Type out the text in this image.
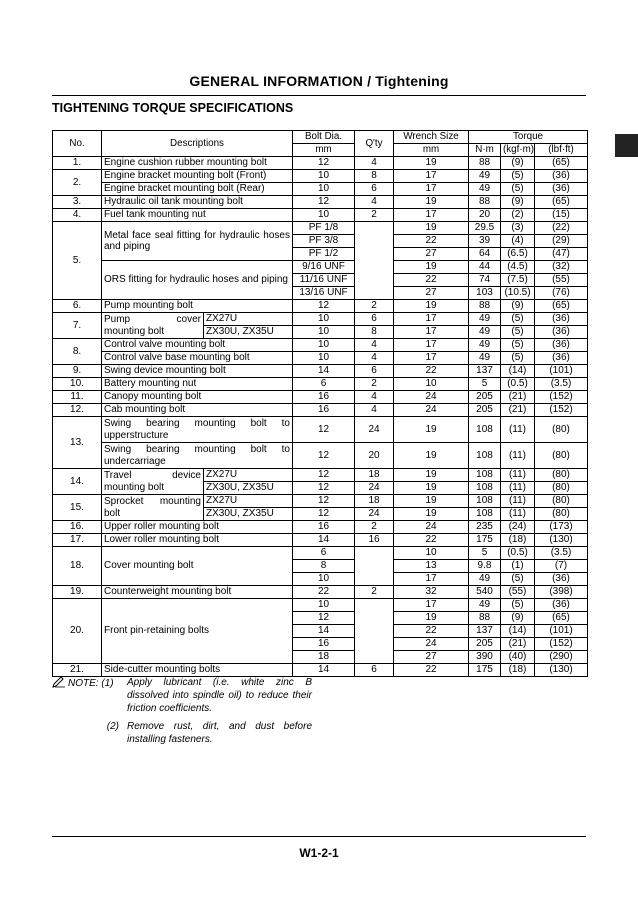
GENERAL INFORMATION / Tightening
TIGHTENING TORQUE SPECIFICATIONS
No.	Descriptions		Bolt Dia.	Q'ty	Wrench Size	Torque		
			mm		mm	N·m	(kgf·m)	(lbf·ft)
1.	Engine cushion rubber mounting bolt		12	4	19	88	(9)	(65)
2.	Engine bracket mounting bolt (Front)		10	8	17	49	(5)	(36)
	Engine bracket mounting bolt (Rear)		10	6	17	49	(5)	(36)
3.	Hydraulic oil tank mounting bolt		12	4	19	88	(9)	(65)
4.	Fuel tank mounting nut		10	2	17	20	(2)	(15)
5.	Metal face seal fitting for hydraulic hoses and piping		PF 1/8		19	29.5	(3)	(22)
			PF 3/8		22	39	(4)	(29)
			PF 1/2		27	64	(6.5)	(47)
	ORS fitting for hydraulic hoses and piping		9/16 UNF		19	44	(4.5)	(32)
			11/16 UNF		22	74	(7.5)	(55)
			13/16 UNF		27	103	(10.5)	(76)
6.	Pump mounting bolt		12	2	19	88	(9)	(65)
7.	Pump cover mounting bolt	ZX27U	10	6	17	49	(5)	(36)
		ZX30U, ZX35U	10	8	17	49	(5)	(36)
8.	Control valve mounting bolt		10	4	17	49	(5)	(36)
	Control valve base mounting bolt		10	4	17	49	(5)	(36)
9.	Swing device mounting bolt		14	6	22	137	(14)	(101)
10.	Battery mounting nut		6	2	10	5	(0.5)	(3.5)
11.	Canopy mounting bolt		16	4	24	205	(21)	(152)
12.	Cab mounting bolt		16	4	24	205	(21)	(152)
13.	Swing bearing mounting bolt to upperstructure		12	24	19	108	(11)	(80)
	Swing bearing mounting bolt to undercarriage		12	20	19	108	(11)	(80)
14.	Travel device mounting bolt	ZX27U	12	18	19	108	(11)	(80)
		ZX30U, ZX35U	12	24	19	108	(11)	(80)
15.	Sprocket mounting bolt	ZX27U	12	18	19	108	(11)	(80)
		ZX30U, ZX35U	12	24	19	108	(11)	(80)
16.	Upper roller mounting bolt		16	2	24	235	(24)	(173)
17.	Lower roller mounting bolt		14	16	22	175	(18)	(130)
18.	Cover mounting bolt		6		10	5	(0.5)	(3.5)
			8		13	9.8	(1)	(7)
			10		17	49	(5)	(36)
19.	Counterweight mounting bolt		22	2	32	540	(55)	(398)
20.	Front pin-retaining bolts		10		17	49	(5)	(36)
			12		19	88	(9)	(65)
			14		22	137	(14)	(101)
			16		24	205	(21)	(152)
			18		27	390	(40)	(290)
21.	Side-cutter mounting bolts		14	6	22	175	(18)	(130)
NOTE: (1)	Apply lubricant (i.e. white zinc B dissolved into spindle oil) to reduce their friction coefficients.
(2) Remove rust, dirt, and dust before installing fasteners.
W1-2-1
